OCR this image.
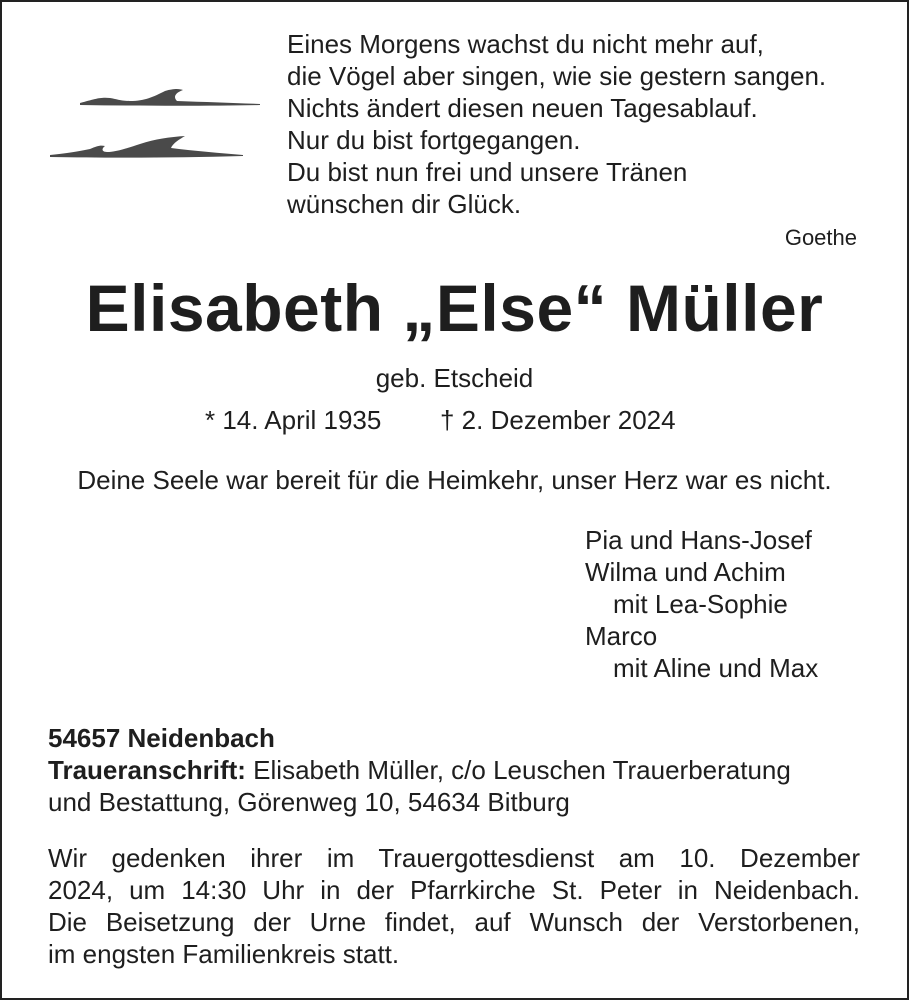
Eines Morgens wachst du nicht mehr auf,
die Vögel aber singen, wie sie gestern sangen.
Nichts ändert diesen neuen Tagesablauf.
Nur du bist fortgegangen.
Du bist nun frei und unsere Tränen
wünschen dir Glück.
Goethe
Elisabeth „Else“ Müller
geb. Etscheid
* 14. April 1935 † 2. Dezember 2024
Deine Seele war bereit für die Heimkehr, unser Herz war es nicht.
Pia und Hans-Josef
Wilma und Achim
mit Lea-Sophie
Marco
mit Aline und Max
54657 Neidenbach
Traueranschrift: Elisabeth Müller, c/o Leuschen Trauerberatung
und Bestattung, Görenweg 10, 54634 Bitburg
Wir gedenken ihrer im Trauergottesdienst am 10. Dezember
2024, um 14:30 Uhr in der Pfarrkirche St. Peter in Neidenbach.
Die Beisetzung der Urne findet, auf Wunsch der Verstorbenen,
im engsten Familienkreis statt.
